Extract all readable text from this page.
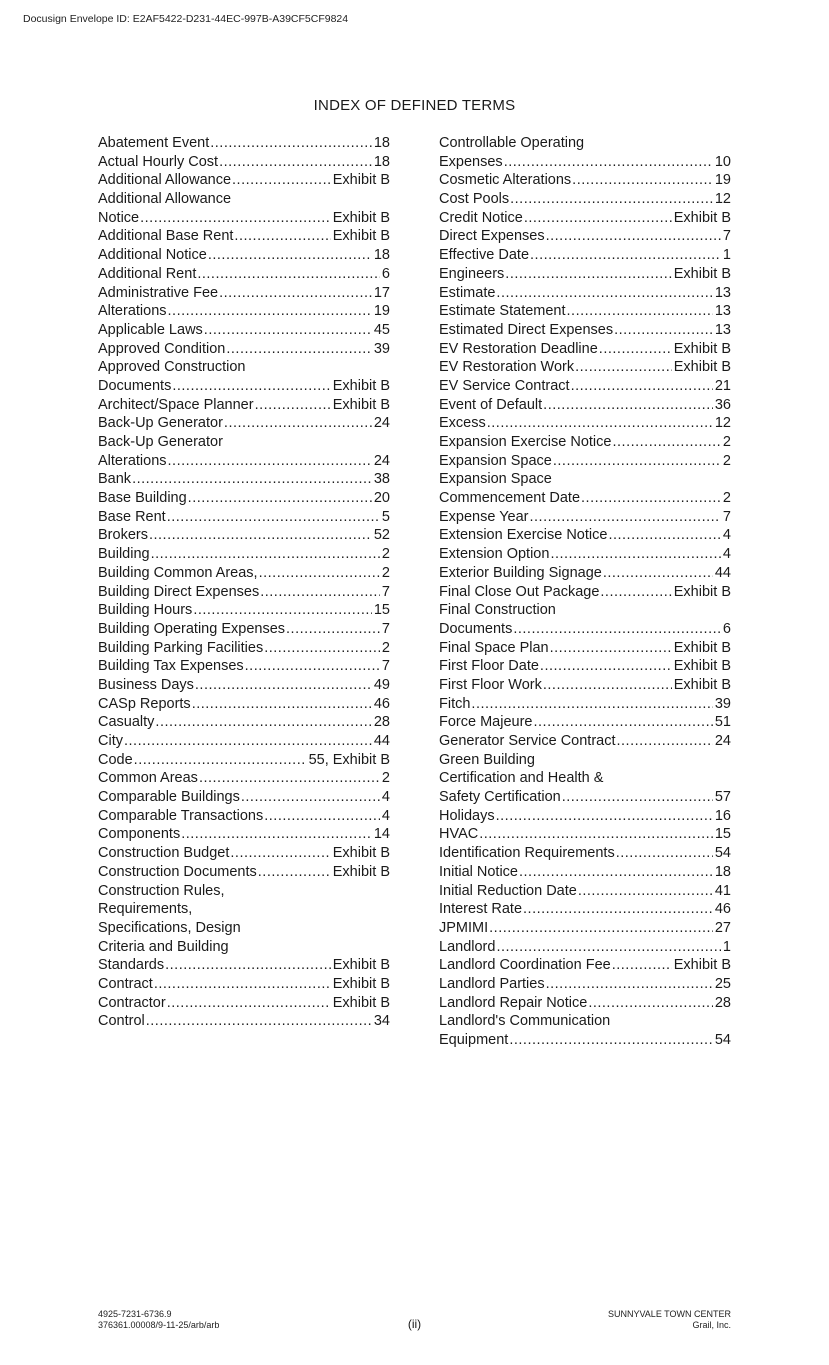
Docusign Envelope ID: E2AF5422-D231-44EC-997B-A39CF5CF9824
INDEX OF DEFINED TERMS
Abatement Event .....	18
Actual Hourly Cost .....	18
Additional Allowance .....	Exhibit B
Additional Allowance
Notice .....	Exhibit B
Additional Base Rent .....	Exhibit B
Additional Notice .....	18
Additional Rent .....	6
Administrative Fee .....	17
Alterations .....	19
Applicable Laws .....	45
Approved Condition .....	39
Approved Construction
Documents .....	Exhibit B
Architect/Space Planner .....	Exhibit B
Back-Up Generator .....	24
Back-Up Generator
Alterations .....	24
Bank .....	38
Base Building .....	20
Base Rent .....	5
Brokers .....	52
Building .....	2
Building Common Areas, .....	2
Building Direct Expenses .....	7
Building Hours .....	15
Building Operating Expenses .....	7
Building Parking Facilities .....	2
Building Tax Expenses .....	7
Business Days .....	49
CASp Reports .....	46
Casualty .....	28
City .....	44
Code .....	55, Exhibit B
Common Areas .....	2
Comparable Buildings .....	4
Comparable Transactions .....	4
Components .....	14
Construction Budget .....	Exhibit B
Construction Documents .....	Exhibit B
Construction Rules,
Requirements,
Specifications, Design
Criteria and Building
Standards .....	Exhibit B
Contract .....	Exhibit B
Contractor .....	Exhibit B
Control .....	34
Controllable Operating
Expenses .....	10
Cosmetic Alterations .....	19
Cost Pools .....	12
Credit Notice .....	Exhibit B
Direct Expenses .....	7
Effective Date .....	1
Engineers .....	Exhibit B
Estimate .....	13
Estimate Statement .....	13
Estimated Direct Expenses .....	13
EV Restoration Deadline .....	Exhibit B
EV Restoration Work .....	Exhibit B
EV Service Contract .....	21
Event of Default .....	36
Excess .....	12
Expansion Exercise Notice .....	2
Expansion Space .....	2
Expansion Space
Commencement Date .....	2
Expense Year .....	7
Extension Exercise Notice .....	4
Extension Option .....	4
Exterior Building Signage .....	44
Final Close Out Package .....	Exhibit B
Final Construction
Documents .....	6
Final Space Plan .....	Exhibit B
First Floor Date .....	Exhibit B
First Floor Work .....	Exhibit B
Fitch .....	39
Force Majeure .....	51
Generator Service Contract .....	24
Green Building
Certification and Health &
Safety Certification .....	57
Holidays .....	16
HVAC .....	15
Identification Requirements .....	54
Initial Notice .....	18
Initial Reduction Date .....	41
Interest Rate .....	46
JPMIMI .....	27
Landlord .....	1
Landlord Coordination Fee .....	Exhibit B
Landlord Parties .....	25
Landlord Repair Notice .....	28
Landlord's Communication
Equipment .....	54
4925-7231-6736.9
376361.00008/9-11-25/arb/arb	(ii)
SUNNYVALE TOWN CENTER
Grail, Inc.
